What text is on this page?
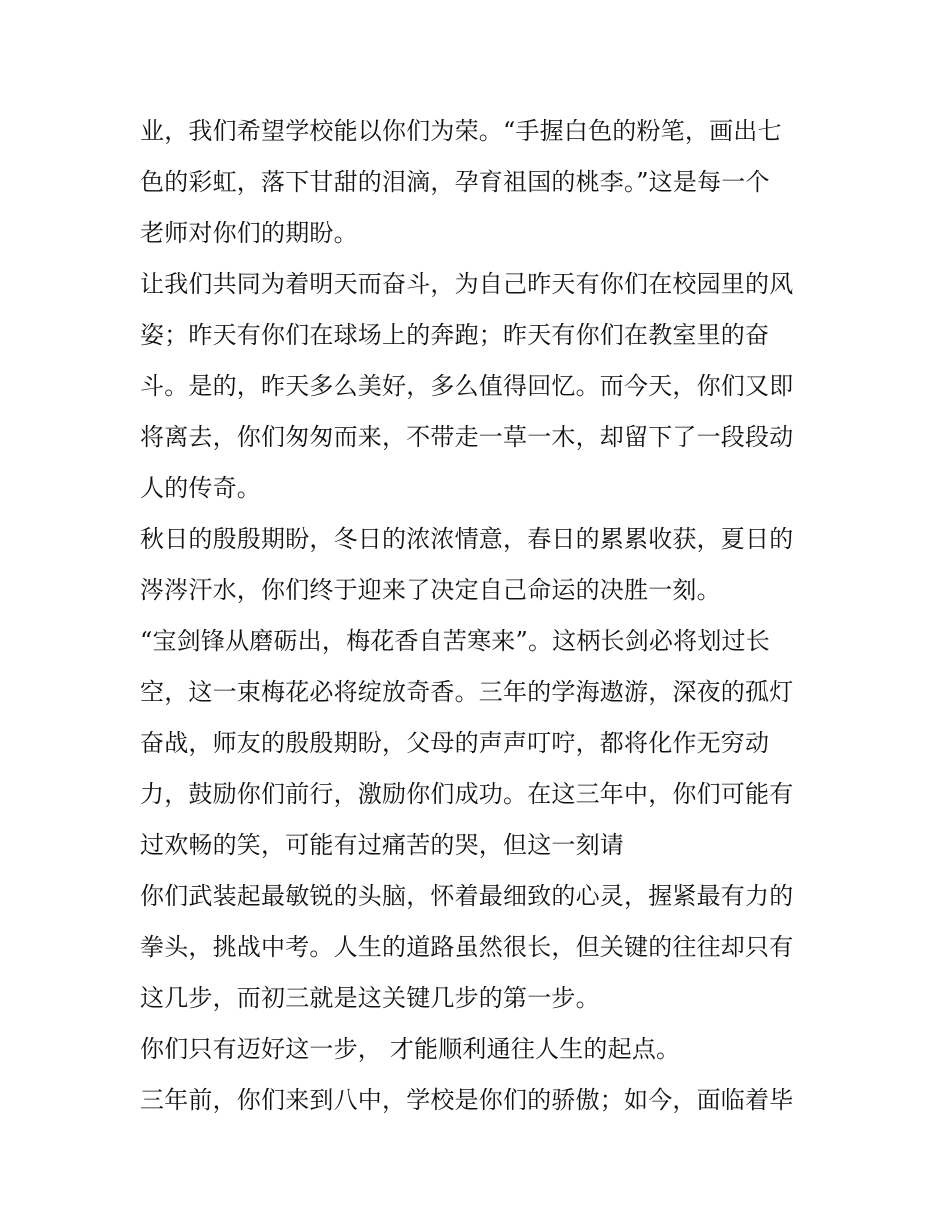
业，我们希望学校能以你们为荣。“手握白色的粉笔，画出七
色的彩虹，落下甘甜的泪滴，孕育祖国的桃李。”这是每一个
老师对你们的期盼。
让我们共同为着明天而奋斗，为自己昨天有你们在校园里的风
姿；昨天有你们在球场上的奔跑；昨天有你们在教室里的奋
斗。是的，昨天多么美好，多么值得回忆。而今天，你们又即
将离去，你们匆匆而来，不带走一草一木，却留下了一段段动
人的传奇。
秋日的殷殷期盼，冬日的浓浓情意，春日的累累收获，夏日的
涔涔汗水，你们终于迎来了决定自己命运的决胜一刻。
“宝剑锋从磨砺出，梅花香自苦寒来”。这柄长剑必将划过长
空，这一束梅花必将绽放奇香。三年的学海遨游，深夜的孤灯
奋战，师友的殷殷期盼，父母的声声叮咛，都将化作无穷动
力，鼓励你们前行，激励你们成功。在这三年中，你们可能有
过欢畅的笑，可能有过痛苦的哭，但这一刻请
你们武装起最敏锐的头脑，怀着最细致的心灵，握紧最有力的
拳头，挑战中考。人生的道路虽然很长，但关键的往往却只有
这几步，而初三就是这关键几步的第一步。
你们只有迈好这一步， 才能顺利通往人生的起点。
三年前，你们来到八中，学校是你们的骄傲；如今，面临着毕
